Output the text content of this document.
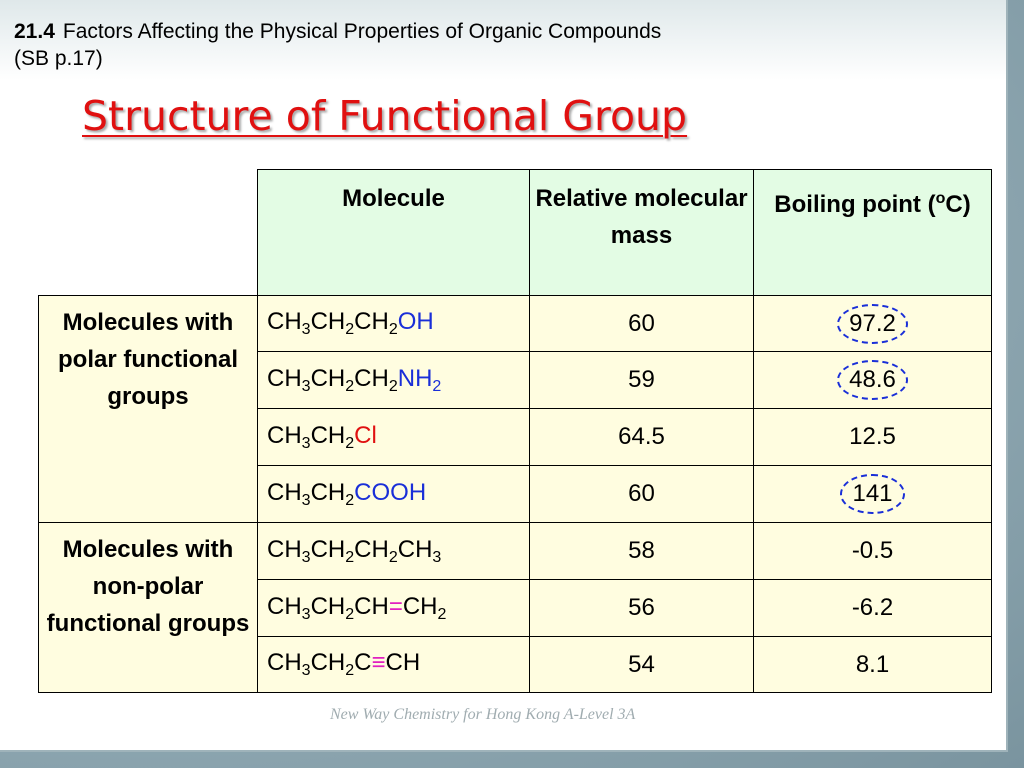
21.4 Factors Affecting the Physical Properties of Organic Compounds
(SB p.17)
Structure of Functional Group
New Way Chemistry for Hong Kong A-Level 3A
	Molecule	Relative molecular mass	Boiling point ($^o$C)
Molecules with polar functional groups	$CH_3CH_2CH_2OH$	60	97.2
	$CH_3CH_2CH_2NH_2$	59	48.6
	$CH_3CH_2Cl$	64.5	12.5
	$CH_3CH_2COOH$	60	141
Molecules with non-polar functional groups	$CH_3CH_2CH_2CH_3$	58	-0.5
	$CH_3CH_2CH=CH_2$	56	-6.2
	$CH_3CH_2C\equiv CH$	54	8.1
